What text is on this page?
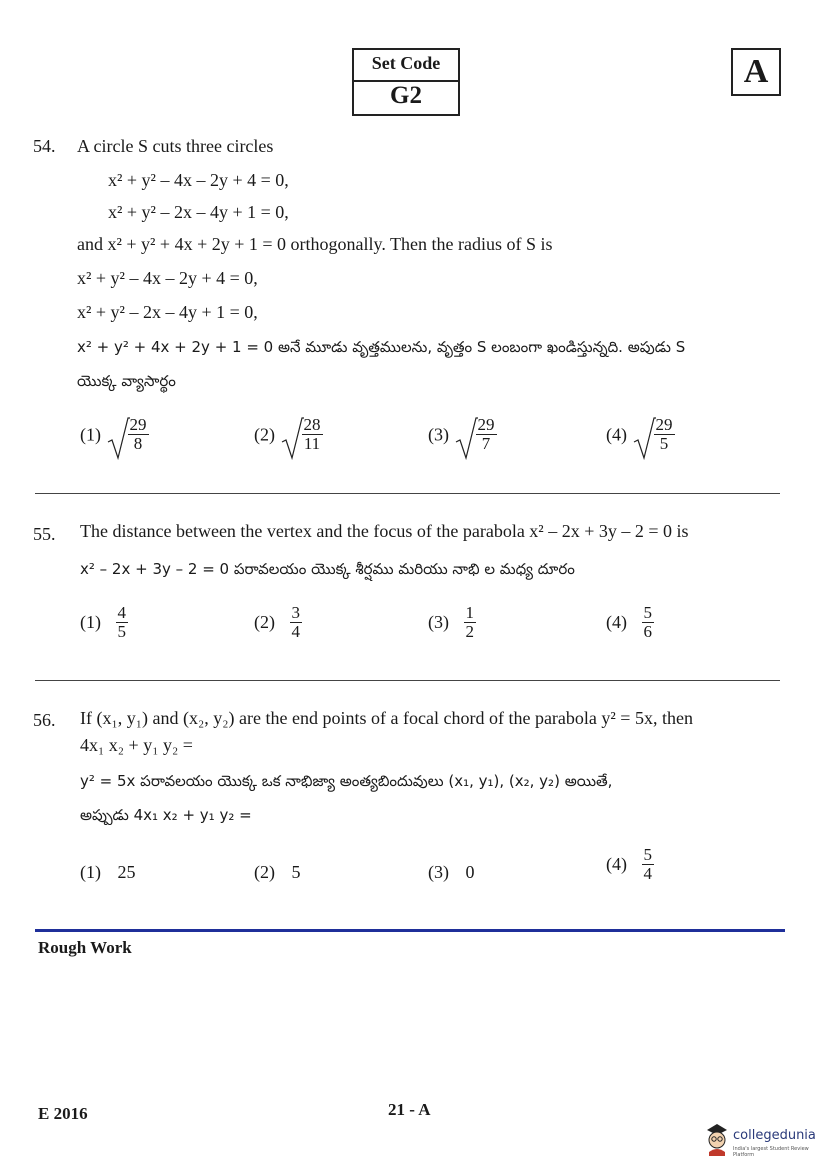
Set Code
G2
A
54. A circle S cuts three circles
x² + y² – 4x – 2y + 4 = 0,
x² + y² – 2x – 4y + 1 = 0,
and x² + y² + 4x + 2y + 1 = 0 orthogonally. Then the radius of S is
x² + y² – 4x – 2y + 4 = 0,
x² + y² – 2x – 4y + 1 = 0,
x² + y² + 4x + 2y + 1 = 0 అనే మూడు వృత్తములను, వృత్తం S లంబంగా ఖండిస్తున్నది. అపుడు S
యొక్క వ్యాసార్థం
$(1) \frac{29}{8}$	$(2) \frac{28}{11}$	$(3) \frac{29}{7}$	$(4) \frac{29}{5}$
55. The distance between the vertex and the focus of the parabola x² – 2x + 3y – 2 = 0 is
x² – 2x + 3y – 2 = 0 పరావలయం యొక్క శీర్షము మరియు నాభి ల మధ్య దూరం
$(1) \frac{4}{5}$	$(2) \frac{3}{4}$	$(3) \frac{1}{2}$	$(4) \frac{5}{6}$
56. If (x₁, y₁) and (x₂, y₂) are the end points of a focal chord of the parabola y² = 5x, then
4x₁ x₂ + y₁ y₂ =
y² = 5x పరావలయం యొక్క ఒక నాభిజ్యా అంత్యబిందువులు (x₁, y₁), (x₂, y₂) అయితే,
అప్పుడు 4x₁ x₂ + y₁ y₂ =
(1) 25	(2) 5	(3) 0	$(4) \frac{5}{4}$
Rough Work
E 2016	21 - A
collegedunia
India's largest Student Review Platform
